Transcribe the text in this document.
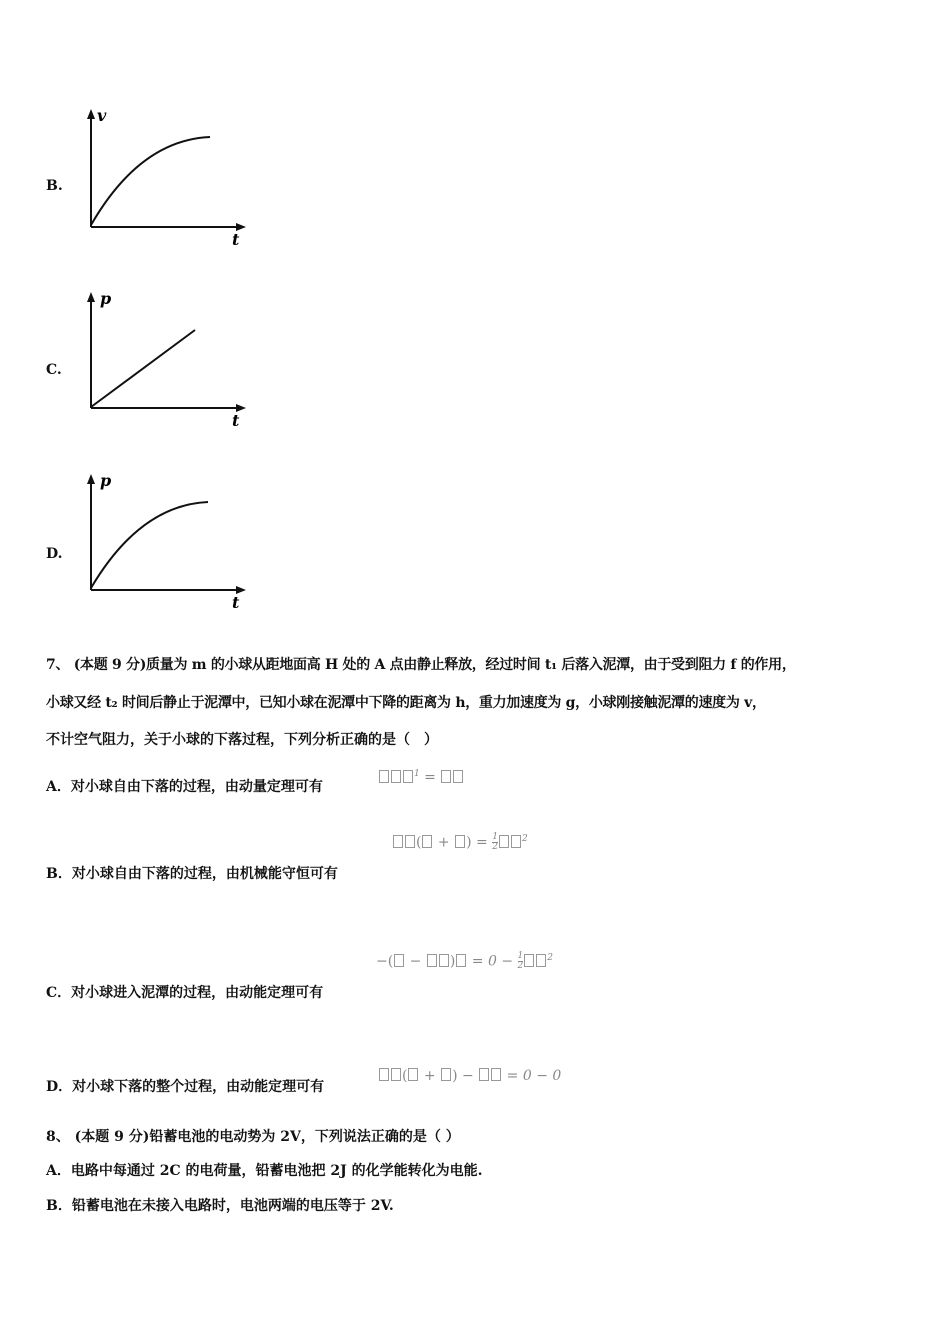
B.
v
t
C.
p
t
D.
p
t
7、 (本题 9 分)质量为 m 的小球从距地面高 H 处的 A 点由静止释放，经过时间 t₁ 后落入泥潭，由于受到阻力 f 的作用，
小球又经 t₂ 时间后静止于泥潭中，已知小球在泥潭中下降的距离为 h，重力加速度为 g，小球刚接触泥潭的速度为 v，
不计空气阻力，关于小球的下落过程，下列分析正确的是（　）
A．对小球自由下落的过程，由动量定理可有
$^1$ =
( + ) = $\frac{1}{2}$	$^2$
B．对小球自由下落的过程，由机械能守恒可有
−( − ) = $0 - \frac{1}{2}$	$^2$
C．对小球进入泥潭的过程，由动能定理可有
D．对小球下落的整个过程，由动能定理可有
( + ) −  = 0 − 0
8、 (本题 9 分)铅蓄电池的电动势为 2V，下列说法正确的是（ ）
A．电路中每通过 2C 的电荷量，铅蓄电池把 2J 的化学能转化为电能.
B．铅蓄电池在未接入电路时，电池两端的电压等于 2V.
